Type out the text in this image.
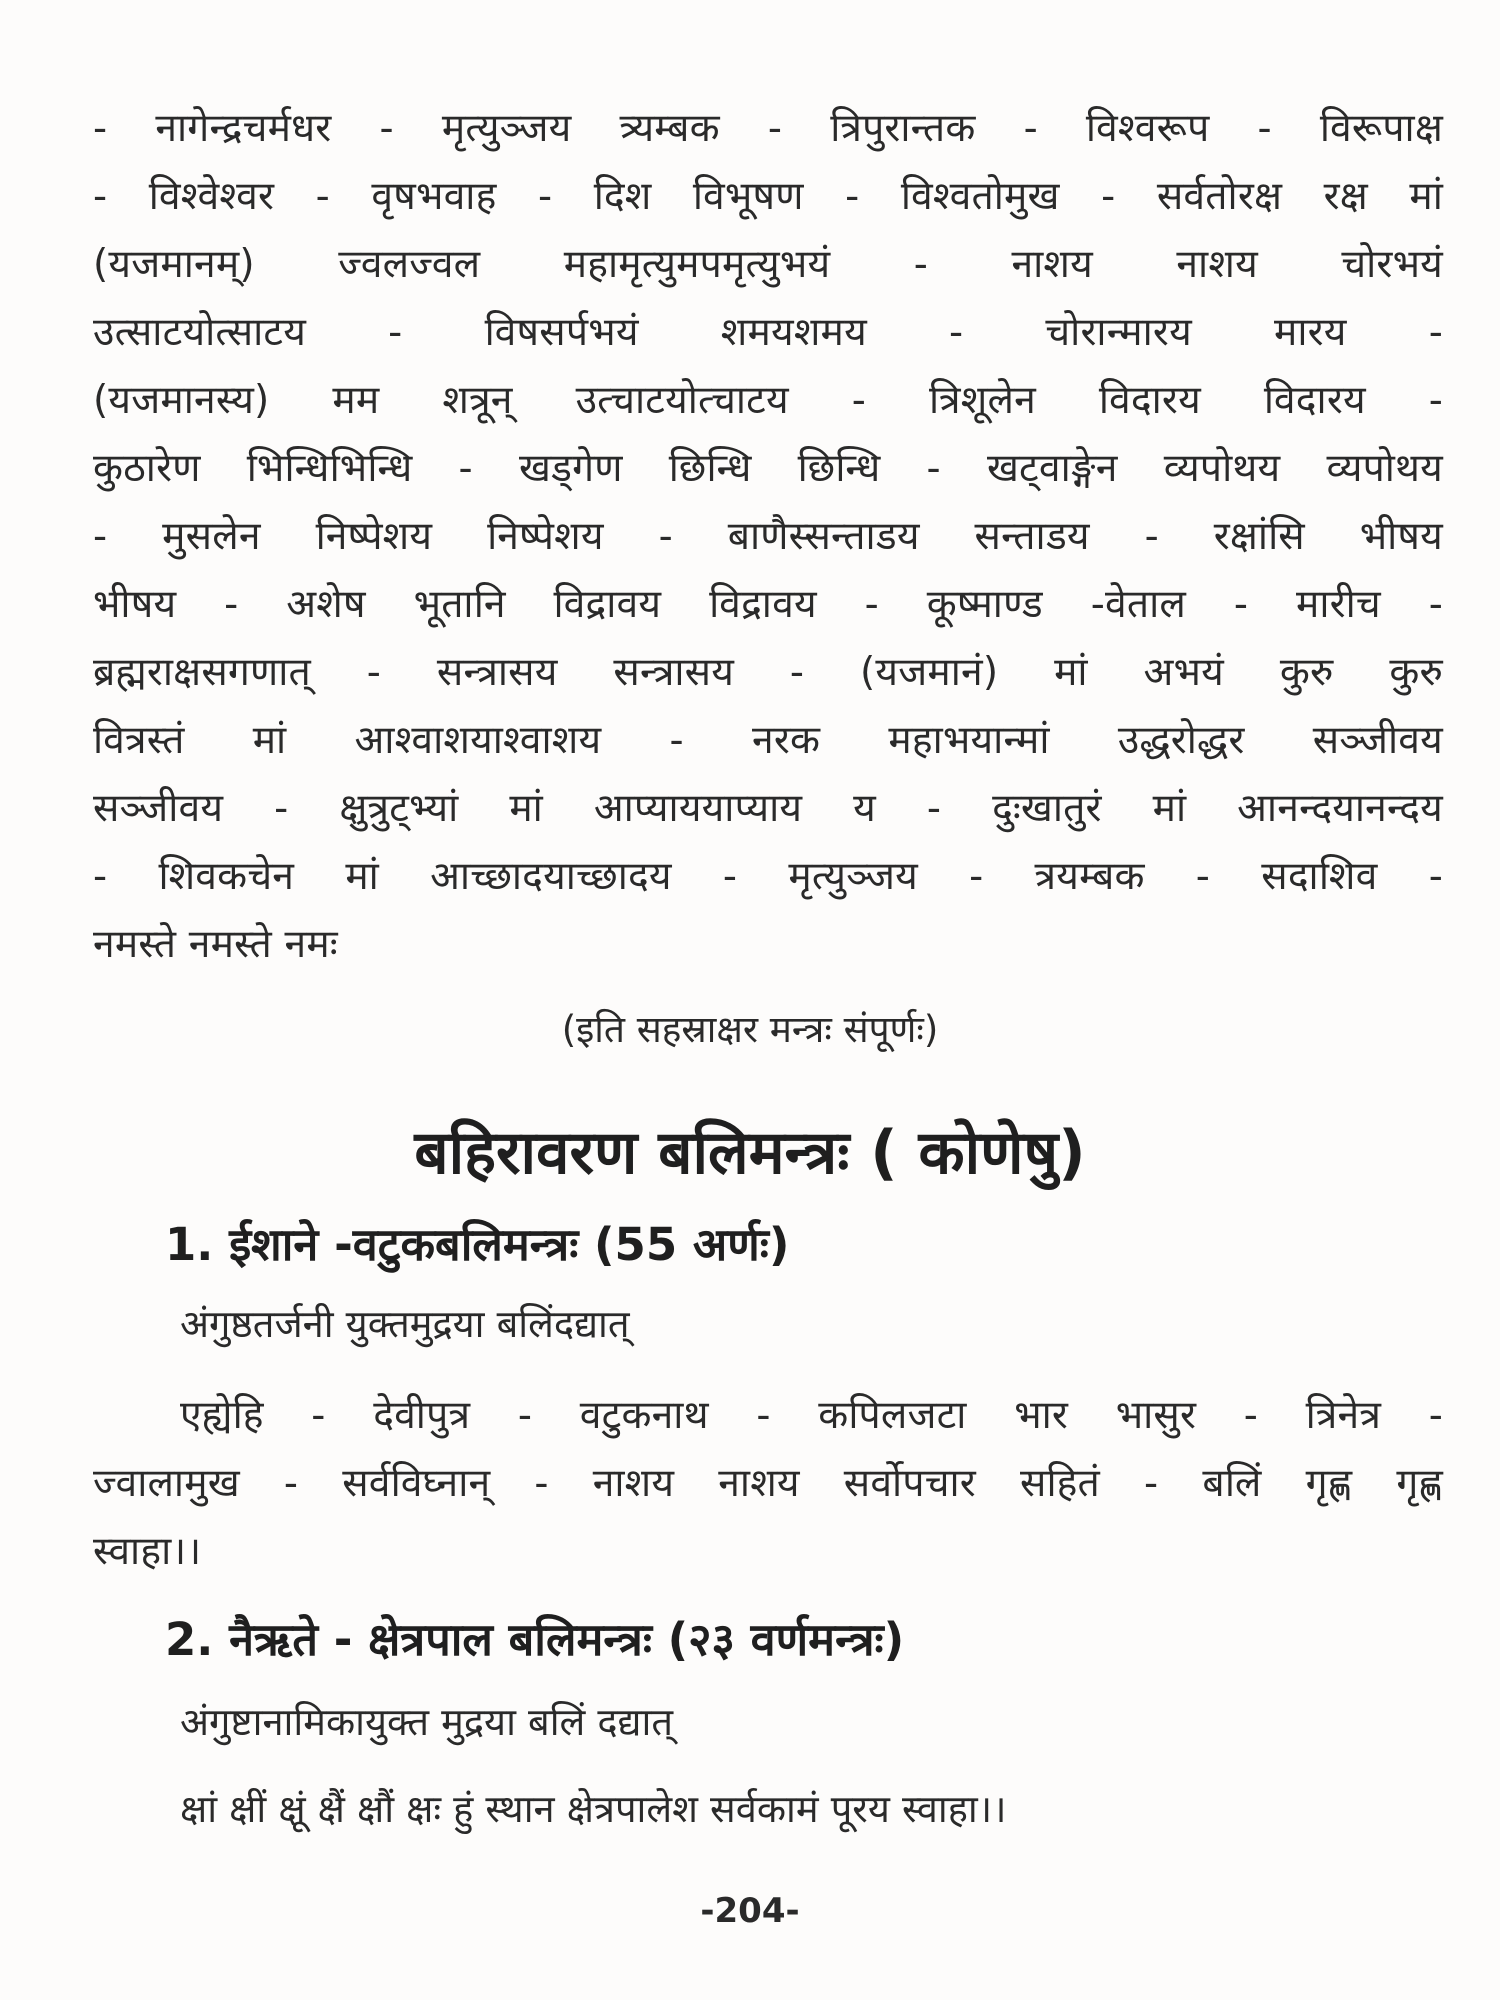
- नागेन्द्रचर्मधर - मृत्युञ्जय त्र्यम्बक - त्रिपुरान्तक - विश्वरूप - विरूपाक्ष
- विश्वेश्वर - वृषभवाह - दिश विभूषण - विश्वतोमुख - सर्वतोरक्ष रक्ष मां
(यजमानम्) ज्वलज्वल महामृत्युमपमृत्युभयं - नाशय नाशय चोरभयं
उत्साटयोत्साटय - विषसर्पभयं शमयशमय - चोरान्मारय मारय -
(यजमानस्य) मम शत्रून् उत्चाटयोत्चाटय - त्रिशूलेन विदारय विदारय -
कुठारेण भिन्धिभिन्धि - खड्गेण छिन्धि छिन्धि - खट्वाङ्गेन व्यपोथय व्यपोथय
- मुसलेन निष्पेशय निष्पेशय - बाणैस्सन्ताडय सन्ताडय - रक्षांसि भीषय
भीषय - अशेष भूतानि विद्रावय विद्रावय - कूष्माण्ड -वेताल - मारीच -
ब्रह्मराक्षसगणात् - सन्त्रासय सन्त्रासय - (यजमानं) मां अभयं कुरु कुरु
वित्रस्तं मां आश्वाशयाश्वाशय - नरक महाभयान्मां उद्धरोद्धर सञ्जीवय
सञ्जीवय - क्षुत्रुट्भ्यां मां आप्याययाप्याय य - दुःखातुरं मां आनन्दयानन्दय
- शिवकचेन मां आच्छादयाच्छादय - मृत्युञ्जय - त्रयम्बक - सदाशिव -
नमस्ते नमस्ते नमः
(इति सहस्राक्षर मन्त्रः संपूर्णः)
बहिरावरण बलिमन्त्रः ( कोणेषु)
1. ईशाने -वटुकबलिमन्त्रः (55 अर्णः)
अंगुष्ठतर्जनी युक्तमुद्रया बलिंदद्यात्
एह्येहि - देवीपुत्र - वटुकनाथ - कपिलजटा भार भासुर - त्रिनेत्र -
ज्वालामुख - सर्वविघ्नान् - नाशय नाशय सर्वोपचार सहितं - बलिं गृह्ण गृह्ण
स्वाहा।।
2. नैऋते - क्षेत्रपाल बलिमन्त्रः (२३ वर्णमन्त्रः)
अंगुष्टानामिकायुक्त मुद्रया बलिं दद्यात्
क्षां क्षीं क्षूं क्षैं क्षौं क्षः हुं स्थान क्षेत्रपालेश सर्वकामं पूरय स्वाहा।।
-204-
